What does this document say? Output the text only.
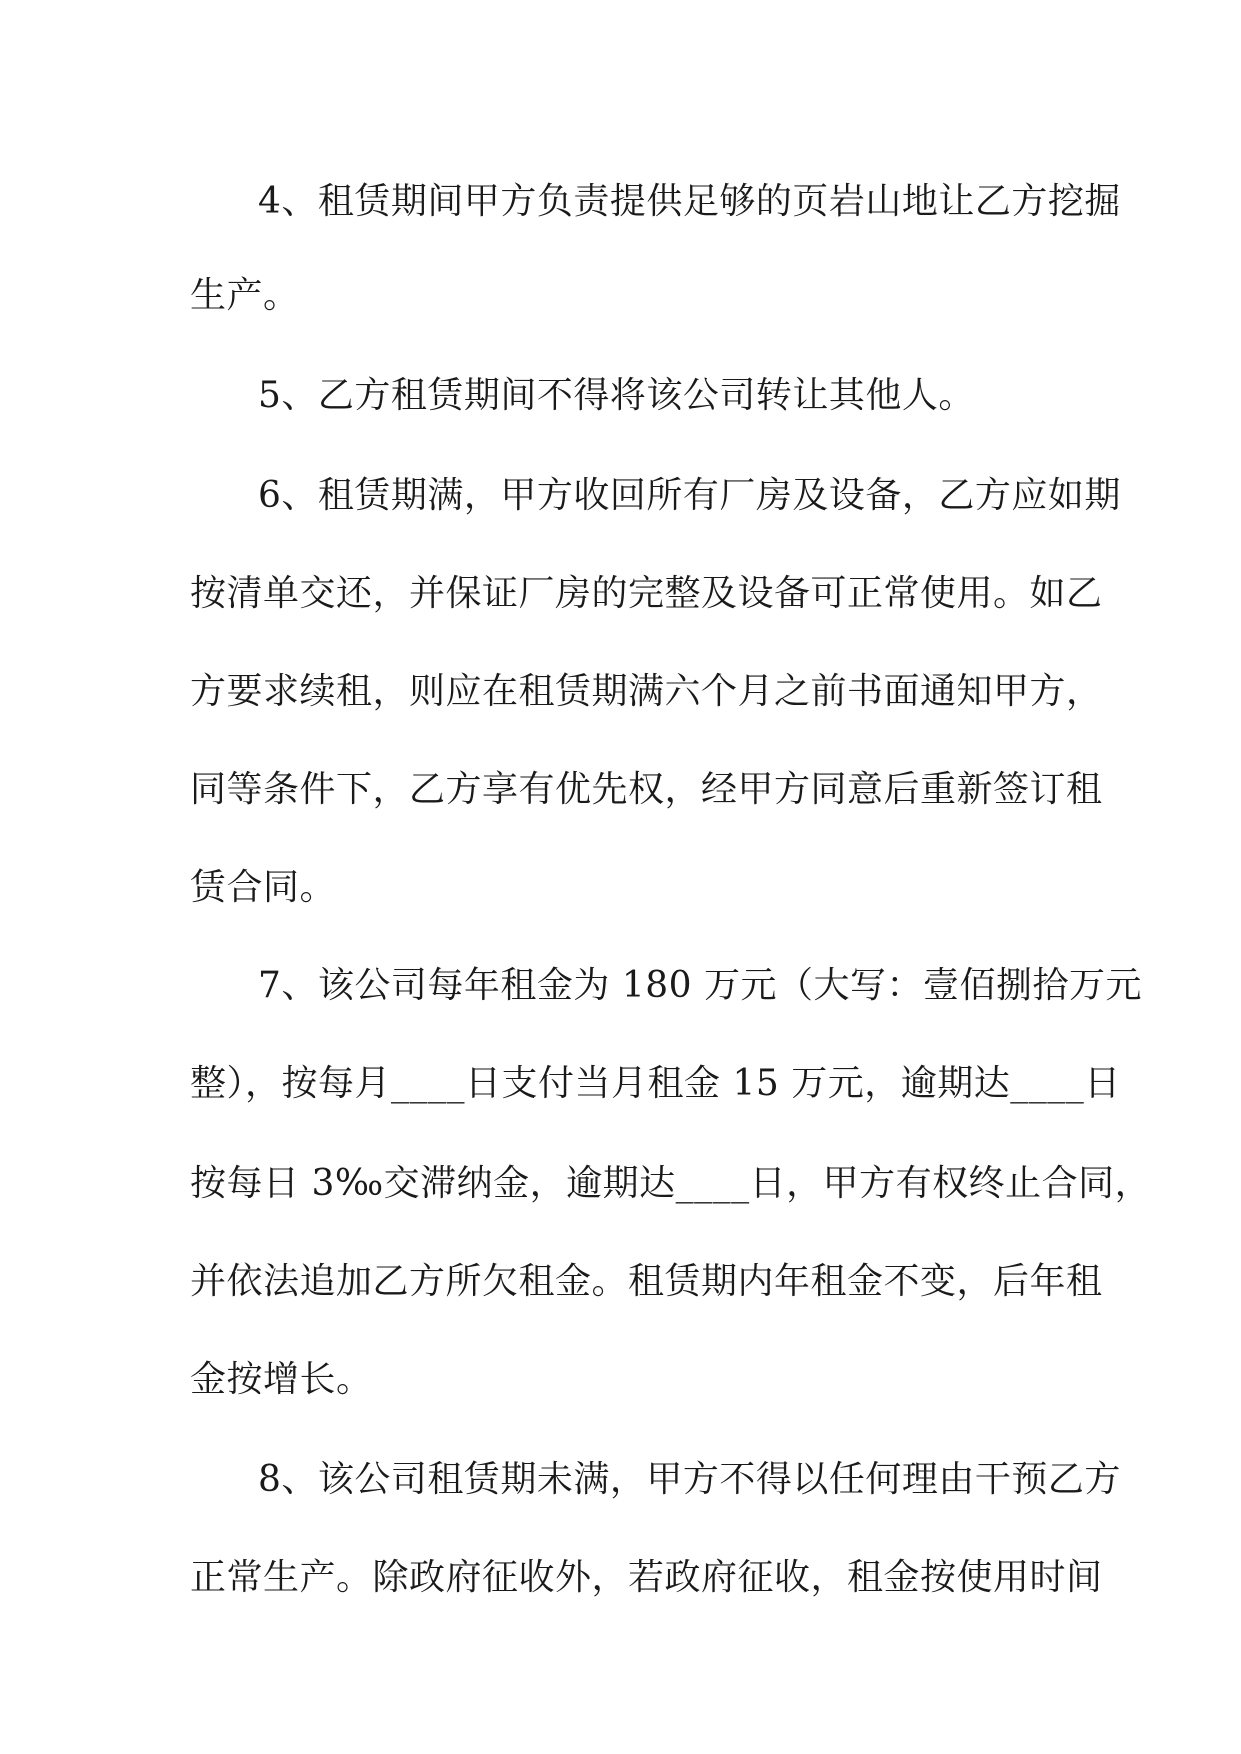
4、租赁期间甲方负责提供足够的页岩山地让乙方挖掘

生产。

5、乙方租赁期间不得将该公司转让其他人。

6、租赁期满，甲方收回所有厂房及设备，乙方应如期

按清单交还，并保证厂房的完整及设备可正常使用。如乙

方要求续租，则应在租赁期满六个月之前书面通知甲方，

同等条件下，乙方享有优先权，经甲方同意后重新签订租

赁合同。

7、该公司每年租金为 180 万元（大写：壹佰捌拾万元

整），按每月____日支付当月租金 15 万元，逾期达____日

按每日 3‰交滞纳金，逾期达____日，甲方有权终止合同，

并依法追加乙方所欠租金。租赁期内年租金不变，后年租

金按增长。

8、该公司租赁期未满，甲方不得以任何理由干预乙方

正常生产。除政府征收外，若政府征收，租金按使用时间
